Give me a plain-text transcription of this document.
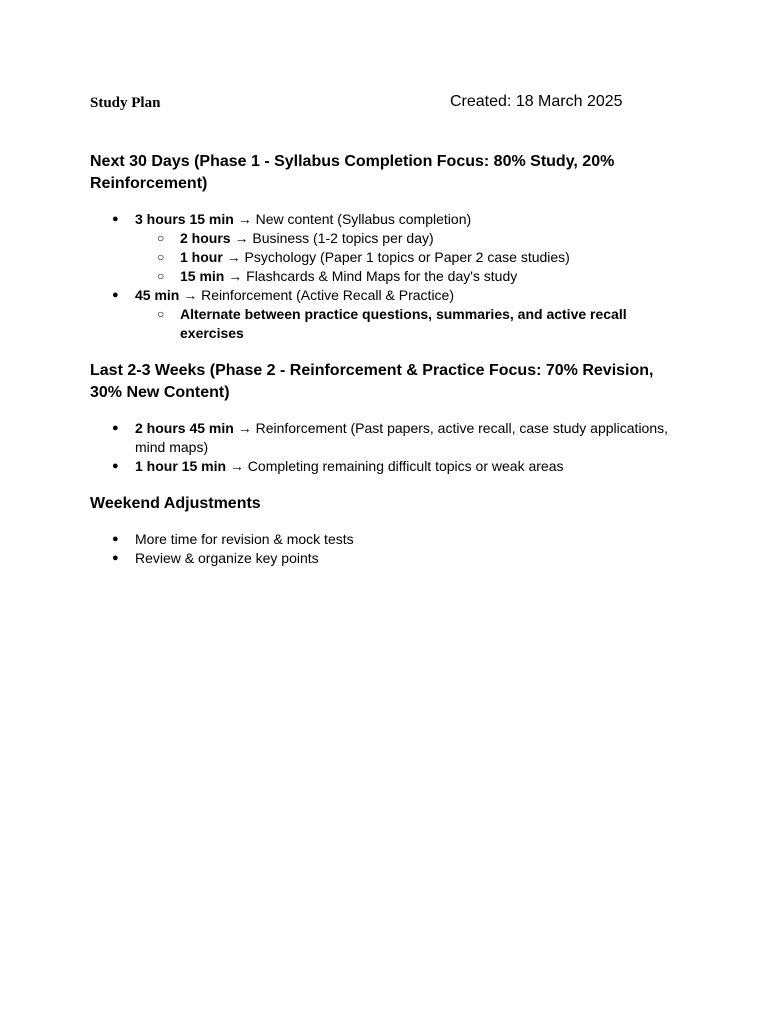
Study Plan	Created: 18 March 2025
Next 30 Days (Phase 1 - Syllabus Completion Focus: 80% Study, 20% Reinforcement)
● 3 hours 15 min → New content (Syllabus completion)
○ 2 hours → Business (1-2 topics per day)
○ 1 hour → Psychology (Paper 1 topics or Paper 2 case studies)
○ 15 min → Flashcards & Mind Maps for the day's study
● 45 min → Reinforcement (Active Recall & Practice)
○ Alternate between practice questions, summaries, and active recall exercises
Last 2-3 Weeks (Phase 2 - Reinforcement & Practice Focus: 70% Revision, 30% New Content)
● 2 hours 45 min → Reinforcement (Past papers, active recall, case study applications, mind maps)
● 1 hour 15 min → Completing remaining difficult topics or weak areas
Weekend Adjustments
● More time for revision & mock tests
● Review & organize key points
